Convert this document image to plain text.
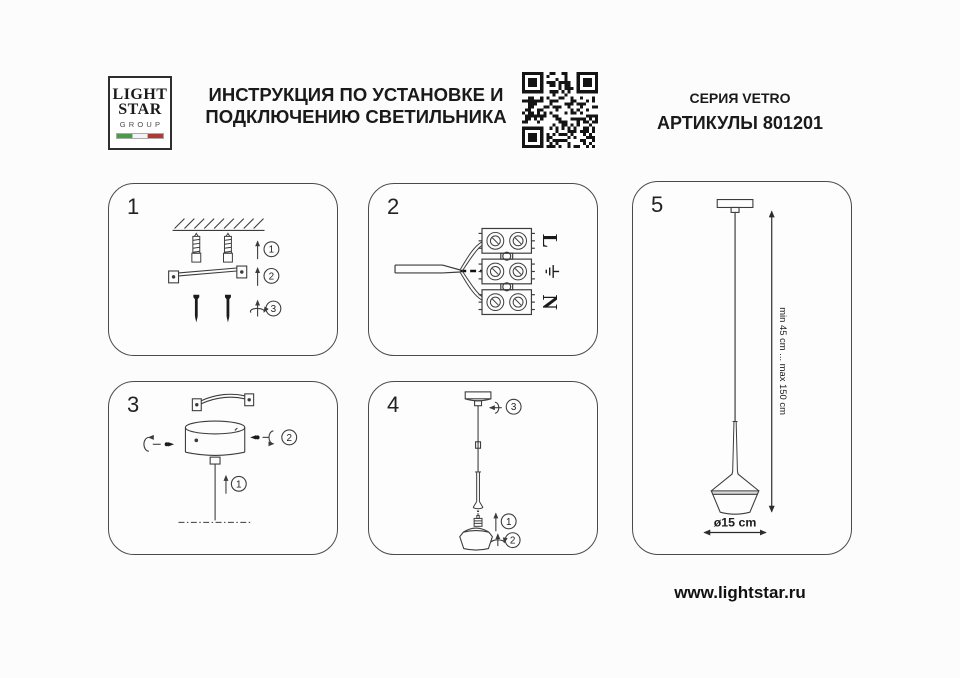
LIGHT
STAR
GROUP
ИНСТРУКЦИЯ ПО УСТАНОВКЕ И
ПОДКЛЮЧЕНИЮ СВЕТИЛЬНИКА
СЕРИЯ VETRO
АРТИКУЛЫ 801201
1
1
2
3
2
L
N
3
2
1
4	3
1
2
5
min 45 cm ... max 150 cm
ø15 cm
www.lightstar.ru
